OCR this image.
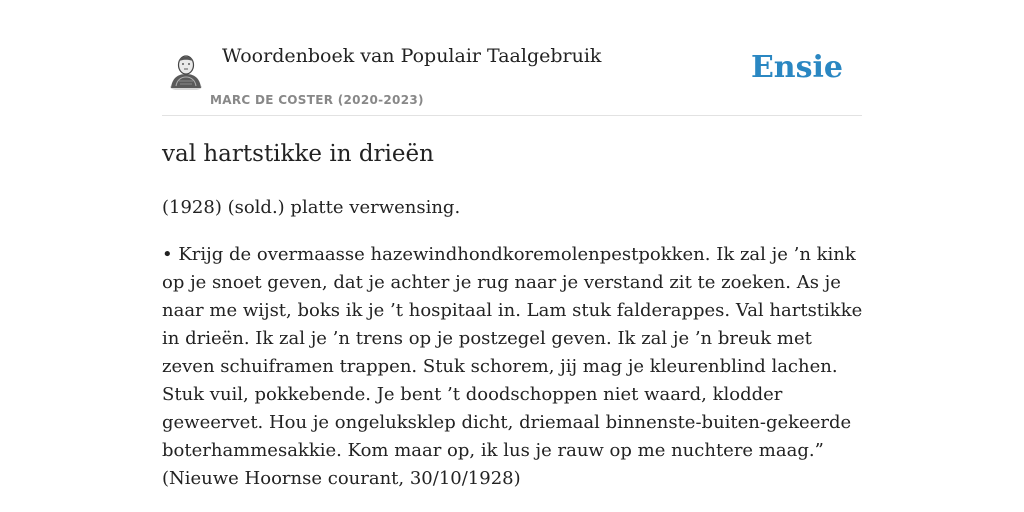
Woordenboek van Populair Taalgebruik
MARC DE COSTER (2020-2023)
Ensie
val hartstikke in drieën

(1928) (sold.) platte verwensing.

• Krijg de overmaasse hazewindhondkoremolenpestpokken. Ik zal je ’n kink op je snoet geven, dat je achter je rug naar je verstand zit te zoeken. As je naar me wijst, boks ik je ’t hospitaal in. Lam stuk falderappes. Val hartstikke in drieën. Ik zal je ’n trens op je postzegel geven. Ik zal je ’n breuk met zeven schuiframen trappen. Stuk schorem, jij mag je kleurenblind lachen. Stuk vuil, pokkebende. Je bent ’t doodschoppen niet waard, klodder geweervet. Hou je ongeluksklep dicht, driemaal binnenste-buiten-gekeerde boterhammesakkie. Kom maar op, ik lus je rauw op me nuchtere maag.” (Nieuwe Hoornse courant, 30/10/1928)
